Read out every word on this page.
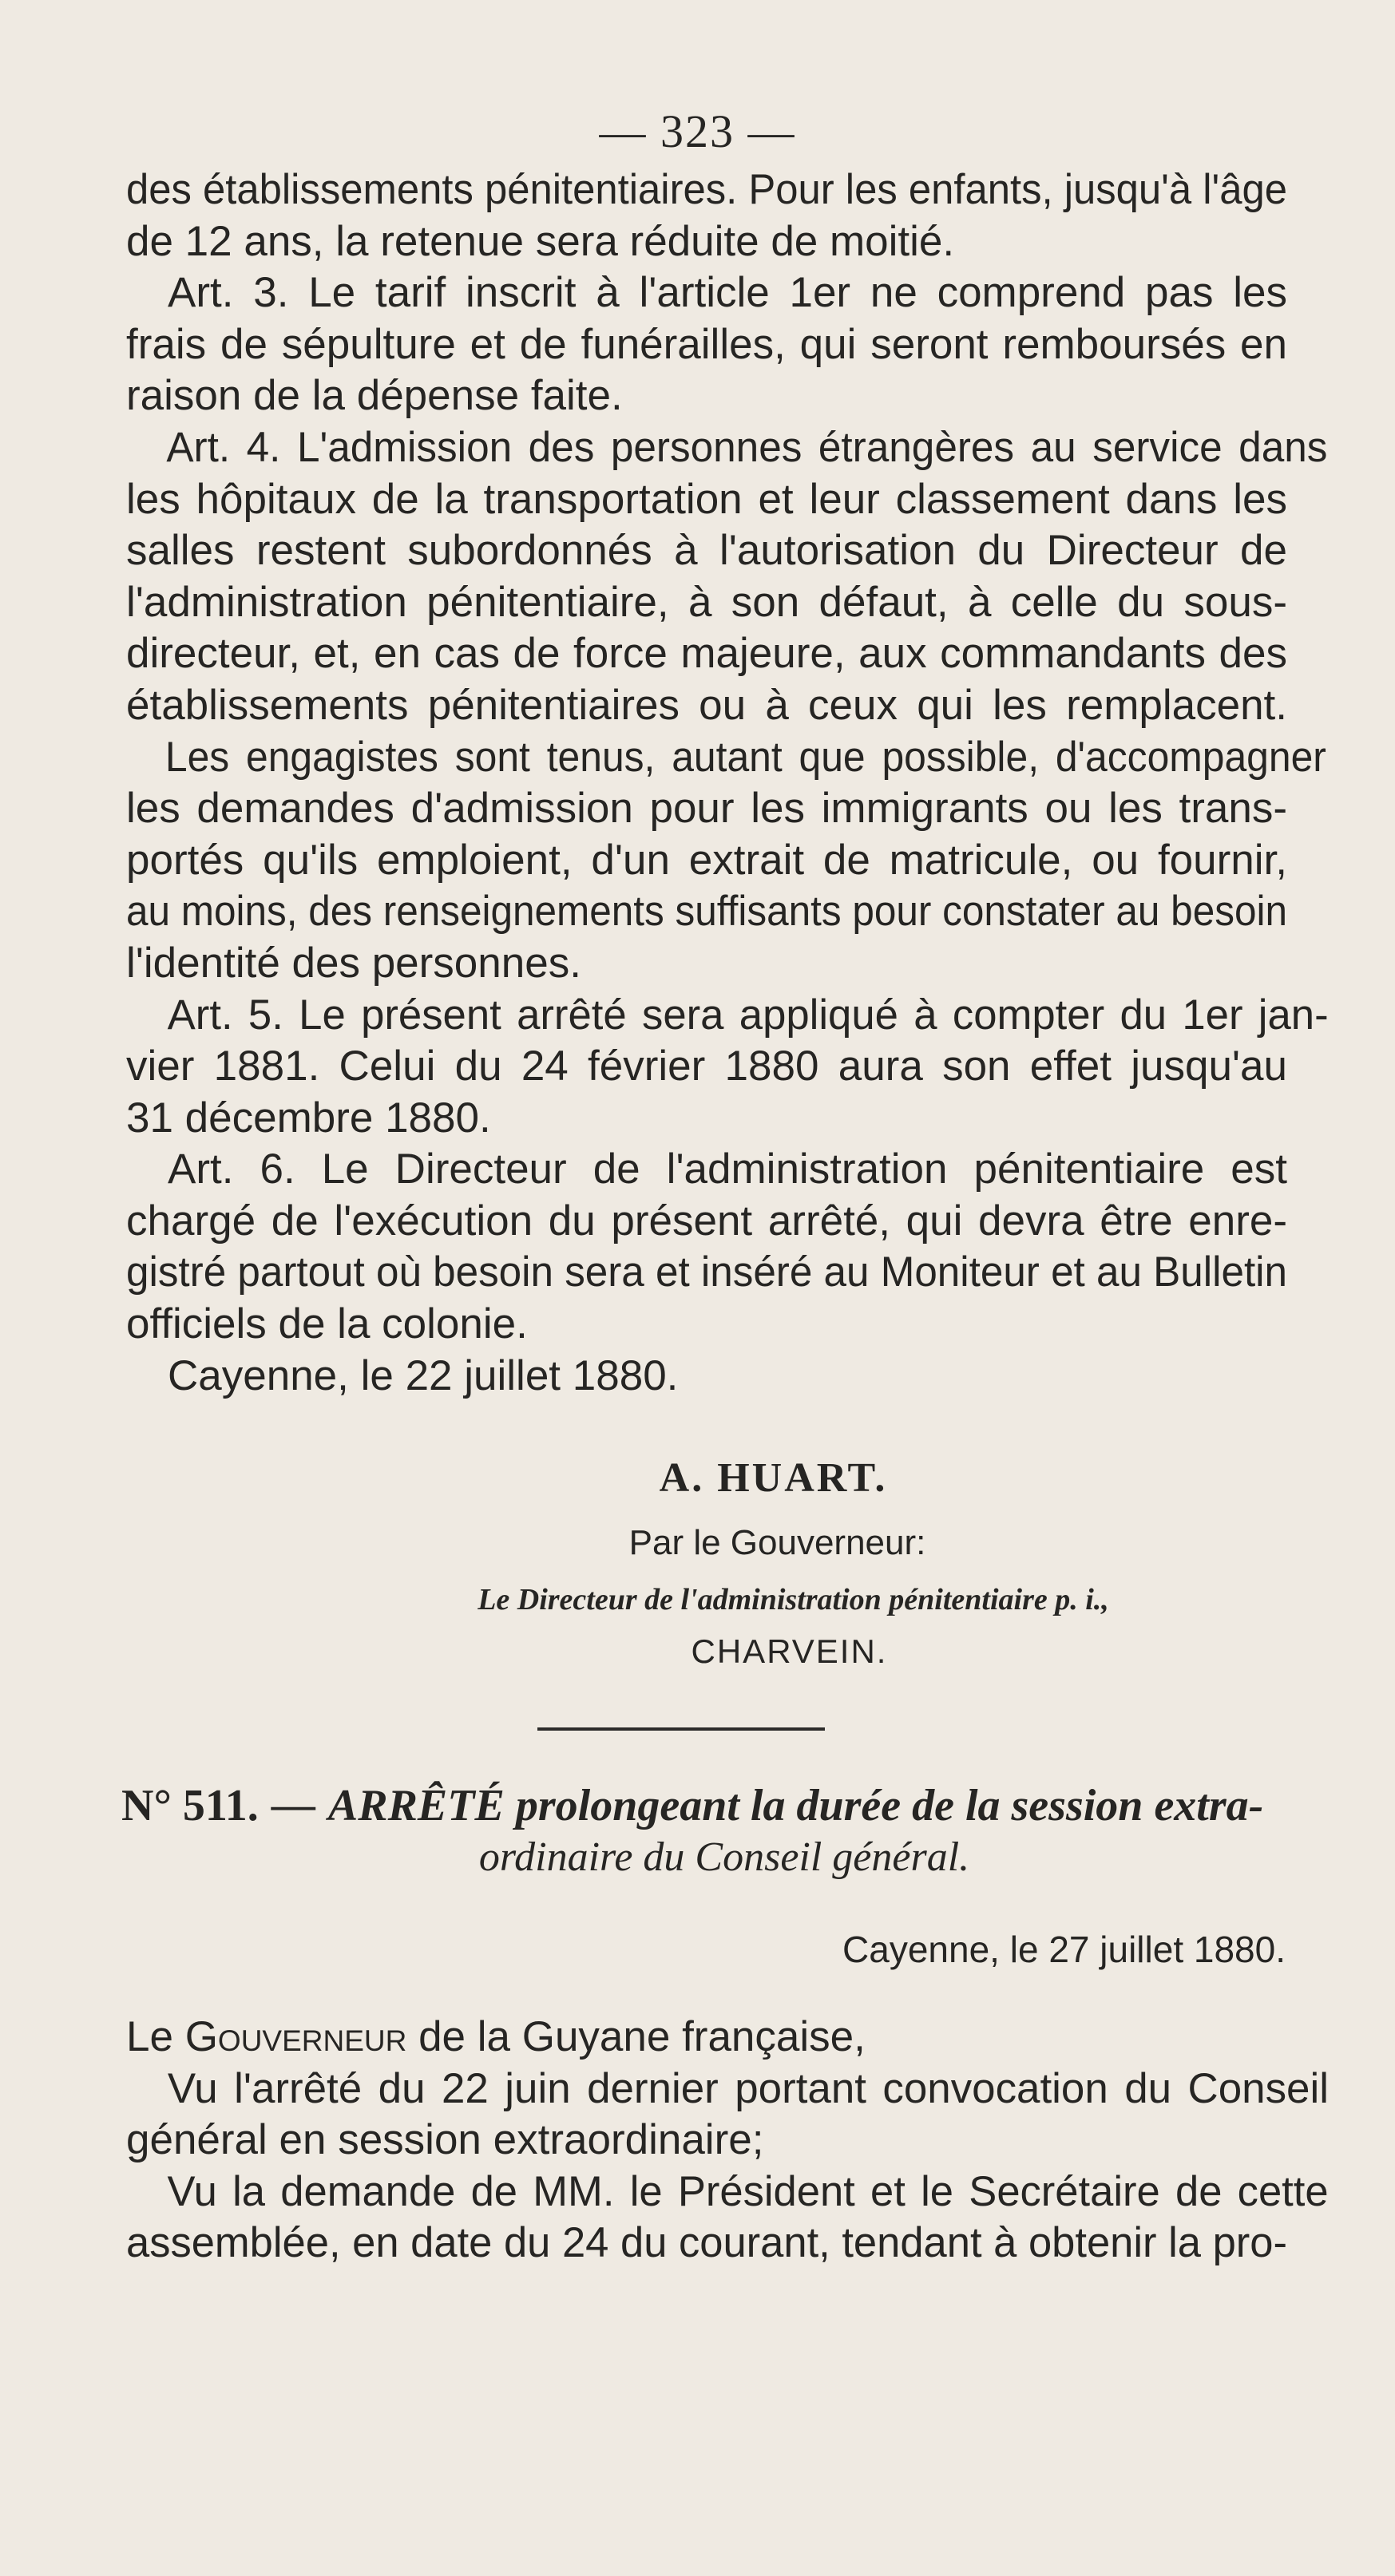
— 323 —
des établissements pénitentiaires. Pour les enfants, jusqu'à l'âge
de 12 ans, la retenue sera réduite de moitié.
Art. 3. Le tarif inscrit à l'article 1er ne comprend pas les
frais de sépulture et de funérailles, qui seront remboursés en
raison de la dépense faite.
Art. 4. L'admission des personnes étrangères au service dans
les hôpitaux de la transportation et leur classement dans les
salles restent subordonnés à l'autorisation du Directeur de
l'administration pénitentiaire, à son défaut, à celle du sous-
directeur, et, en cas de force majeure, aux commandants des
établissements pénitentiaires ou à ceux qui les remplacent.
Les engagistes sont tenus, autant que possible, d'accompagner
les demandes d'admission pour les immigrants ou les trans-
portés qu'ils emploient, d'un extrait de matricule, ou fournir,
au moins, des renseignements suffisants pour constater au besoin
l'identité des personnes.
Art. 5. Le présent arrêté sera appliqué à compter du 1er jan-
vier 1881. Celui du 24 février 1880 aura son effet jusqu'au
31 décembre 1880.
Art. 6. Le Directeur de l'administration pénitentiaire est
chargé de l'exécution du présent arrêté, qui devra être enre-
gistré partout où besoin sera et inséré au Moniteur et au Bulletin
officiels de la colonie.
Cayenne, le 22 juillet 1880.
A. HUART.
Par le Gouverneur:
Le Directeur de l'administration pénitentiaire p. i.,
CHARVEIN.
N° 511. — ARRÊTÉ prolongeant la durée de la session extra-
ordinaire du Conseil général.
Cayenne, le 27 juillet 1880.
Le Gouverneur de la Guyane française,
Vu l'arrêté du 22 juin dernier portant convocation du Conseil
général en session extraordinaire;
Vu la demande de MM. le Président et le Secrétaire de cette
assemblée, en date du 24 du courant, tendant à obtenir la pro-
